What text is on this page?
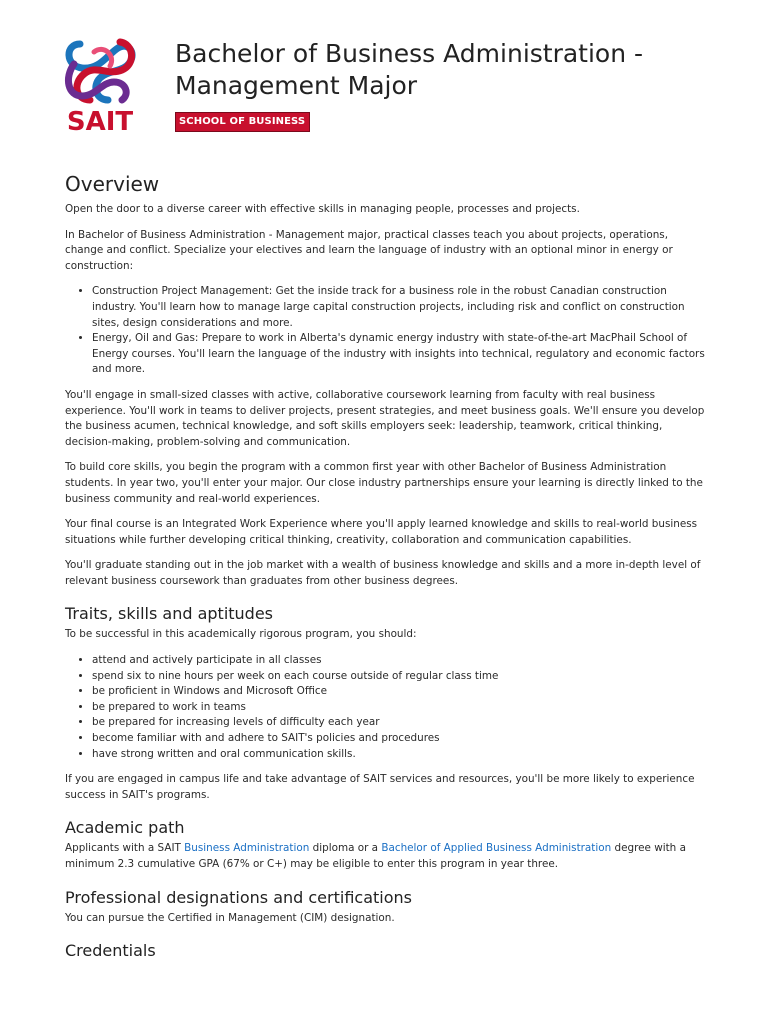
SAIT
Bachelor of Business Administration - Management Major
SCHOOL OF BUSINESS
Overview

Open the door to a diverse career with effective skills in managing people, processes and projects.

In Bachelor of Business Administration - Management major, practical classes teach you about projects, operations, change and conflict. Specialize your electives and learn the language of industry with an optional minor in energy or construction:

• Construction Project Management: Get the inside track for a business role in the robust Canadian construction industry. You'll learn how to manage large capital construction projects, including risk and conflict on construction sites, design considerations and more.
• Energy, Oil and Gas: Prepare to work in Alberta's dynamic energy industry with state-of-the-art MacPhail School of Energy courses. You'll learn the language of the industry with insights into technical, regulatory and economic factors and more.

You'll engage in small-sized classes with active, collaborative coursework learning from faculty with real business experience. You'll work in teams to deliver projects, present strategies, and meet business goals. We'll ensure you develop the business acumen, technical knowledge, and soft skills employers seek: leadership, teamwork, critical thinking, decision-making, problem-solving and communication.

To build core skills, you begin the program with a common first year with other Bachelor of Business Administration students. In year two, you'll enter your major. Our close industry partnerships ensure your learning is directly linked to the business community and real-world experiences.

Your final course is an Integrated Work Experience where you'll apply learned knowledge and skills to real-world business situations while further developing critical thinking, creativity, collaboration and communication capabilities.

You'll graduate standing out in the job market with a wealth of business knowledge and skills and a more in-depth level of relevant business coursework than graduates from other business degrees.

Traits, skills and aptitudes

To be successful in this academically rigorous program, you should:

• attend and actively participate in all classes
• spend six to nine hours per week on each course outside of regular class time
• be proficient in Windows and Microsoft Office
• be prepared to work in teams
• be prepared for increasing levels of difficulty each year
• become familiar with and adhere to SAIT's policies and procedures
• have strong written and oral communication skills.

If you are engaged in campus life and take advantage of SAIT services and resources, you'll be more likely to experience success in SAIT's programs.

Academic path

Applicants with a SAIT Business Administration diploma or a Bachelor of Applied Business Administration degree with a minimum 2.3 cumulative GPA (67% or C+) may be eligible to enter this program in year three.

Professional designations and certifications

You can pursue the Certified in Management (CIM) designation.

Credentials
